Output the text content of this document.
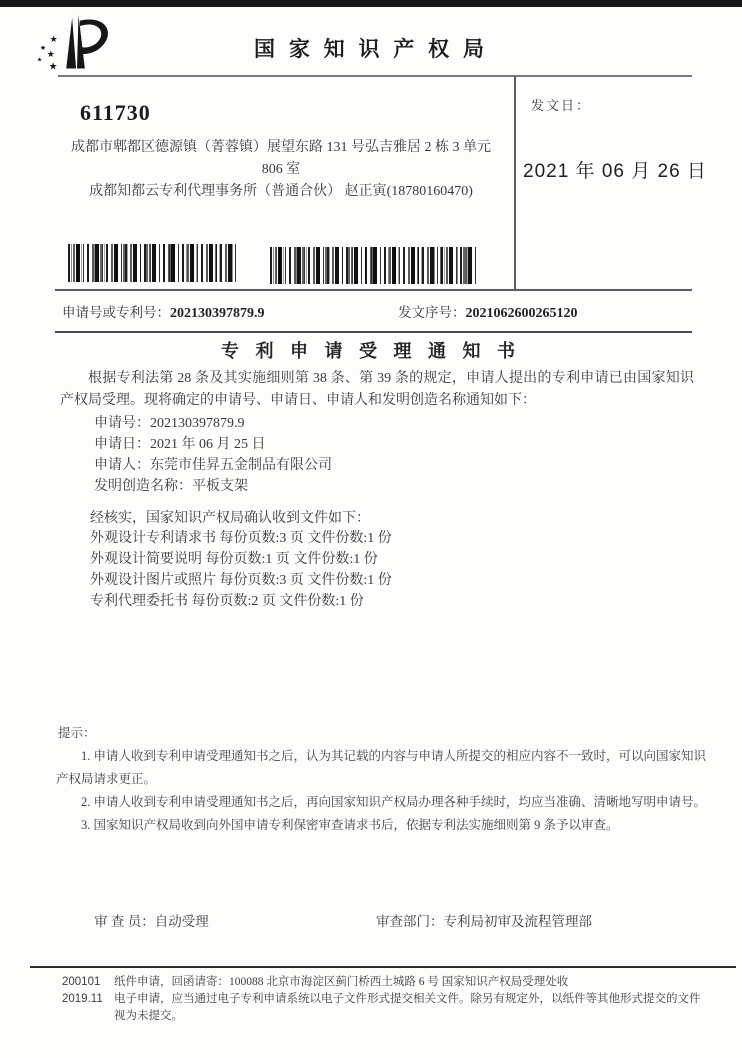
★
★
★
★
★
国 家 知 识 产 权 局
发文日：
2021 年 06 月 26 日
611730
成都市郫都区德源镇（菁蓉镇）展望东路 131 号弘吉雅居 2 栋 3 单元
806 室
成都知都云专利代理事务所（普通合伙） 赵正寅(18780160470)
申请号或专利号：202130397879.9	发文序号：2021062600265120
专 利 申 请 受 理 通 知 书
根据专利法第 28 条及其实施细则第 38 条、第 39 条的规定，申请人提出的专利申请已由国家知识产权局受理。现将确定的申请号、申请日、申请人和发明创造名称通知如下：
申请号：202130397879.9
申请日：2021 年 06 月 25 日
申请人：东莞市佳昇五金制品有限公司
发明创造名称：平板支架
经核实，国家知识产权局确认收到文件如下：
外观设计专利请求书 每份页数:3 页 文件份数:1 份
外观设计简要说明 每份页数:1 页 文件份数:1 份
外观设计图片或照片 每份页数:3 页 文件份数:1 份
专利代理委托书 每份页数:2 页 文件份数:1 份
提示：
1. 申请人收到专利申请受理通知书之后，认为其记载的内容与申请人所提交的相应内容不一致时，可以向国家知识产权局请求更正。
2. 申请人收到专利申请受理通知书之后，再向国家知识产权局办理各种手续时，均应当准确、清晰地写明申请号。
3. 国家知识产权局收到向外国申请专利保密审查请求书后，依据专利法实施细则第 9 条予以审查。
审 查 员：自动受理	审查部门：专利局初审及流程管理部
200101
2019.11
纸件申请，回函请寄：100088 北京市海淀区蓟门桥西土城路 6 号 国家知识产权局受理处收
电子申请，应当通过电子专利申请系统以电子文件形式提交相关文件。除另有规定外，以纸件等其他形式提交的文件视为未提交。
